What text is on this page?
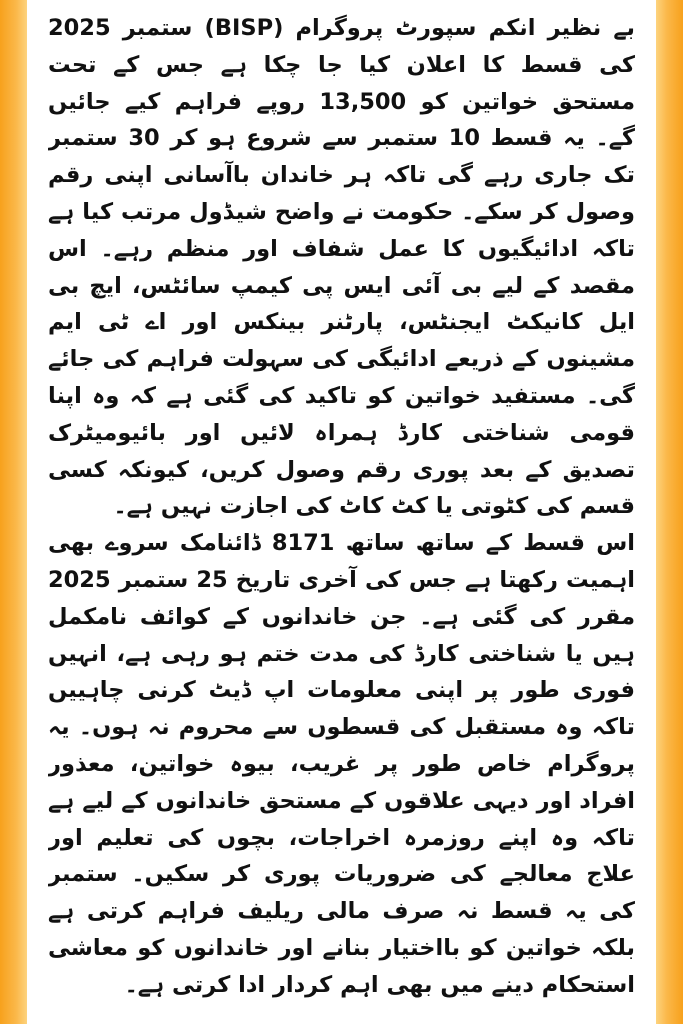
بے نظیر انکم سپورٹ پروگرام (BISP) ستمبر 2025 کی قسط کا اعلان کیا جا چکا ہے جس کے تحت مستحق خواتین کو 13,500 روپے فراہم کیے جائیں گے۔ یہ قسط 10 ستمبر سے شروع ہو کر 30 ستمبر تک جاری رہے گی تاکہ ہر خاندان باآسانی اپنی رقم وصول کر سکے۔ حکومت نے واضح شیڈول مرتب کیا ہے تاکہ ادائیگیوں کا عمل شفاف اور منظم رہے۔ اس مقصد کے لیے بی آئی ایس پی کیمپ سائٹس، ایچ بی ایل کانیکٹ ایجنٹس، پارٹنر بینکس اور اے ٹی ایم مشینوں کے ذریعے ادائیگی کی سہولت فراہم کی جائے گی۔ مستفید خواتین کو تاکید کی گئی ہے کہ وہ اپنا قومی شناختی کارڈ ہمراہ لائیں اور بائیومیٹرک تصدیق کے بعد پوری رقم وصول کریں، کیونکہ کسی قسم کی کٹوتی یا کٹ کاٹ کی اجازت نہیں ہے۔

اس قسط کے ساتھ ساتھ 8171 ڈائنامک سروے بھی اہمیت رکھتا ہے جس کی آخری تاریخ 25 ستمبر 2025 مقرر کی گئی ہے۔ جن خاندانوں کے کوائف نامکمل ہیں یا شناختی کارڈ کی مدت ختم ہو رہی ہے، انہیں فوری طور پر اپنی معلومات اپ ڈیٹ کرنی چاہییں تاکہ وہ مستقبل کی قسطوں سے محروم نہ ہوں۔ یہ پروگرام خاص طور پر غریب، بیوہ خواتین، معذور افراد اور دیہی علاقوں کے مستحق خاندانوں کے لیے ہے تاکہ وہ اپنے روزمرہ اخراجات، بچوں کی تعلیم اور علاج معالجے کی ضروریات پوری کر سکیں۔ ستمبر کی یہ قسط نہ صرف مالی ریلیف فراہم کرتی ہے بلکہ خواتین کو بااختیار بنانے اور خاندانوں کو معاشی استحکام دینے میں بھی اہم کردار ادا کرتی ہے۔
